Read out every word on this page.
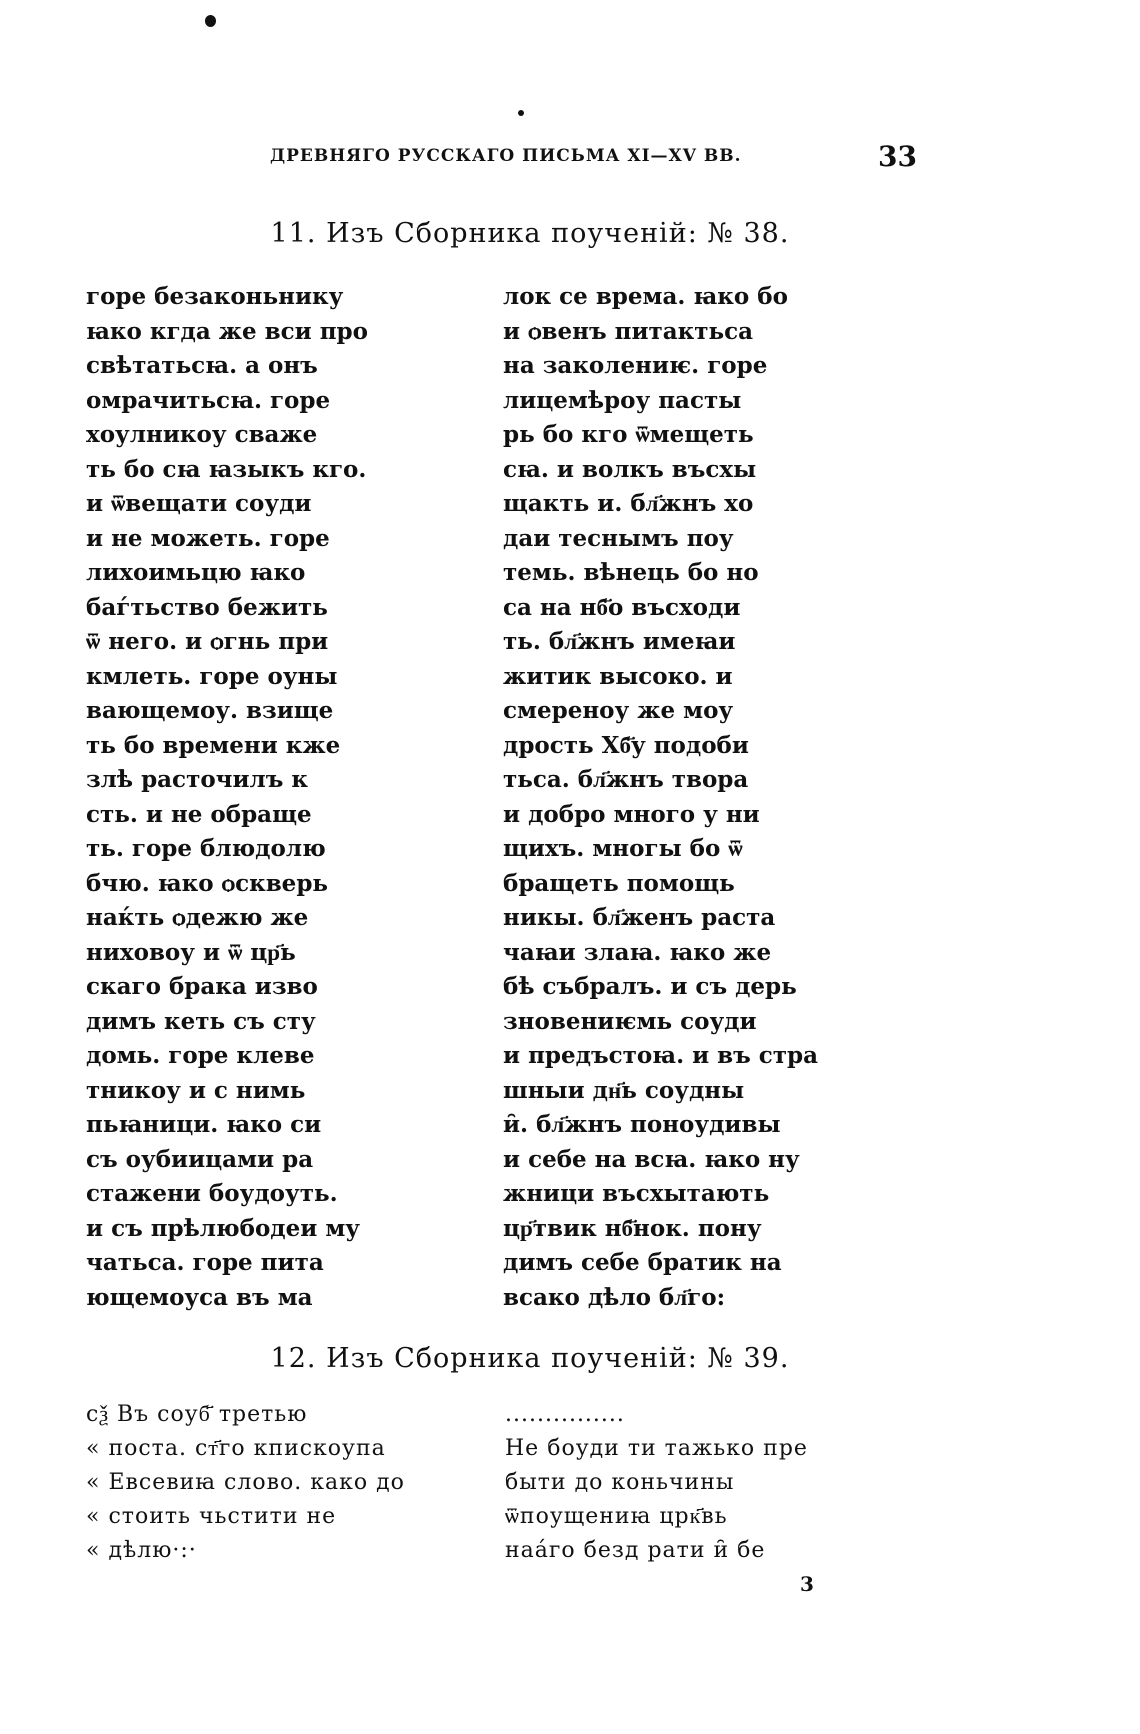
ДРЕВНЯГО РУССКАГО ПИСЬМА XI—XV ВВ.	33
11. Изъ Сборника поученій: № 38.
горе безаконьнику
ꙗко кгда же вси про
свѣтатьсꙗ. а онъ
омрачитьсꙗ. горе
хоулникоу сваже
ть бо сꙗ ꙗзыкъ кго.
и ѿвещати соуди
и не можеть. горе
лихоимьцю ꙗко
баѓтьство бежить
ѿ него. и ѻгнь при
кмлеть. горе оуны
вающемоу. взище
ть бо времени кже
злѣ расточилъ к
сть. и не обраще
ть. горе блюдолю
бчю. ꙗко ѻскверь
наќть ѻдежю же
ниховоу и ѿ цр҃ь
скаго брака изво
димъ кеть съ сту
домь. горе клеве
тникоу и с нимь
пьꙗници. ꙗко си
съ оубиицами ра
стажени боудоуть.
и съ прѣлюбодеи му
чатьса. горе пита
ющемоуса въ ма
лок се врема. ꙗко бо
и ѻвенъ питактьса
на заколениѥ. горе
лицемѣроу пасты
рь бо кго ѿмещеть
сꙗ. и волкъ въсхы
щакть и. бл҃жнъ хо
даи теснымъ поу
темь. вѣнець бо но
са на нб҃о въсходи
ть. бл҃жнъ имеꙗи
житик высоко. и
смереноу же моу
дрость Хб҃у подоби
тьса. бл҃жнъ твора
и добро много у ни
щихъ. многы бо ѿ
бращеть помощь
никы. бл҃женъ раста
чаꙗи злаꙗ. ꙗко же
бѣ събралъ. и съ дерь
зновениѥмь соуди
и предъстоꙗ. и въ стра
шныи дн҃ь соудны
и̑. бл҃жнъ поноудивы
и себе на всꙗ. ꙗко ну
жници въсхытають
цр҃твик нб҃нок. пону
димъ себе братик на
всако дѣло бл҃го:
12. Изъ Сборника поученій: № 39.
сѯ Въ соуб҃ третью
« поста. ст҃го кпискоупа
« Евсевиꙗ слово. како до
« стоить чьстити не
« дѣлю·:·
...............
Не боуди ти тажько пре
быти до коньчины
ѿпоущениꙗ црк҃вь
наа́го безд рати и̑ бе
3
